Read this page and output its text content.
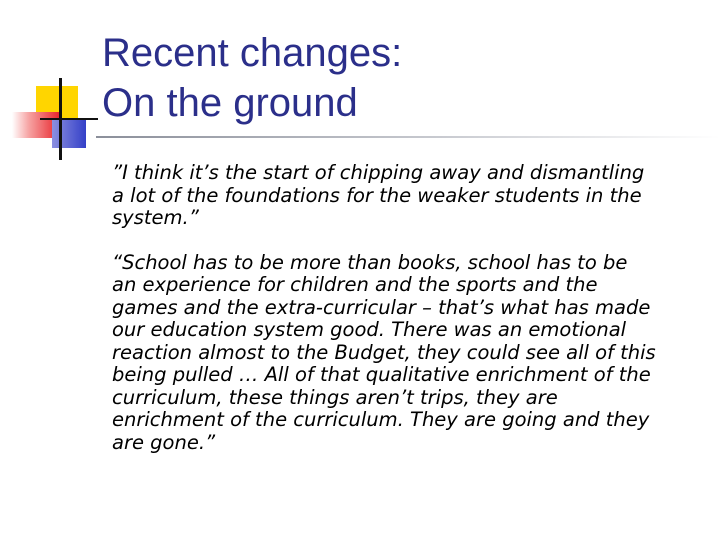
Recent changes:
On the ground

”I think it’s the start of chipping away and dismantling
a lot of the foundations for the weaker students in the
system.”

“School has to be more than books, school has to be
an experience for children and the sports and the
games and the extra-curricular – that’s what has made
our education system good. There was an emotional
reaction almost to the Budget, they could see all of this
being pulled … All of that qualitative enrichment of the
curriculum, these things aren’t trips, they are
enrichment of the curriculum. They are going and they
are gone.”
